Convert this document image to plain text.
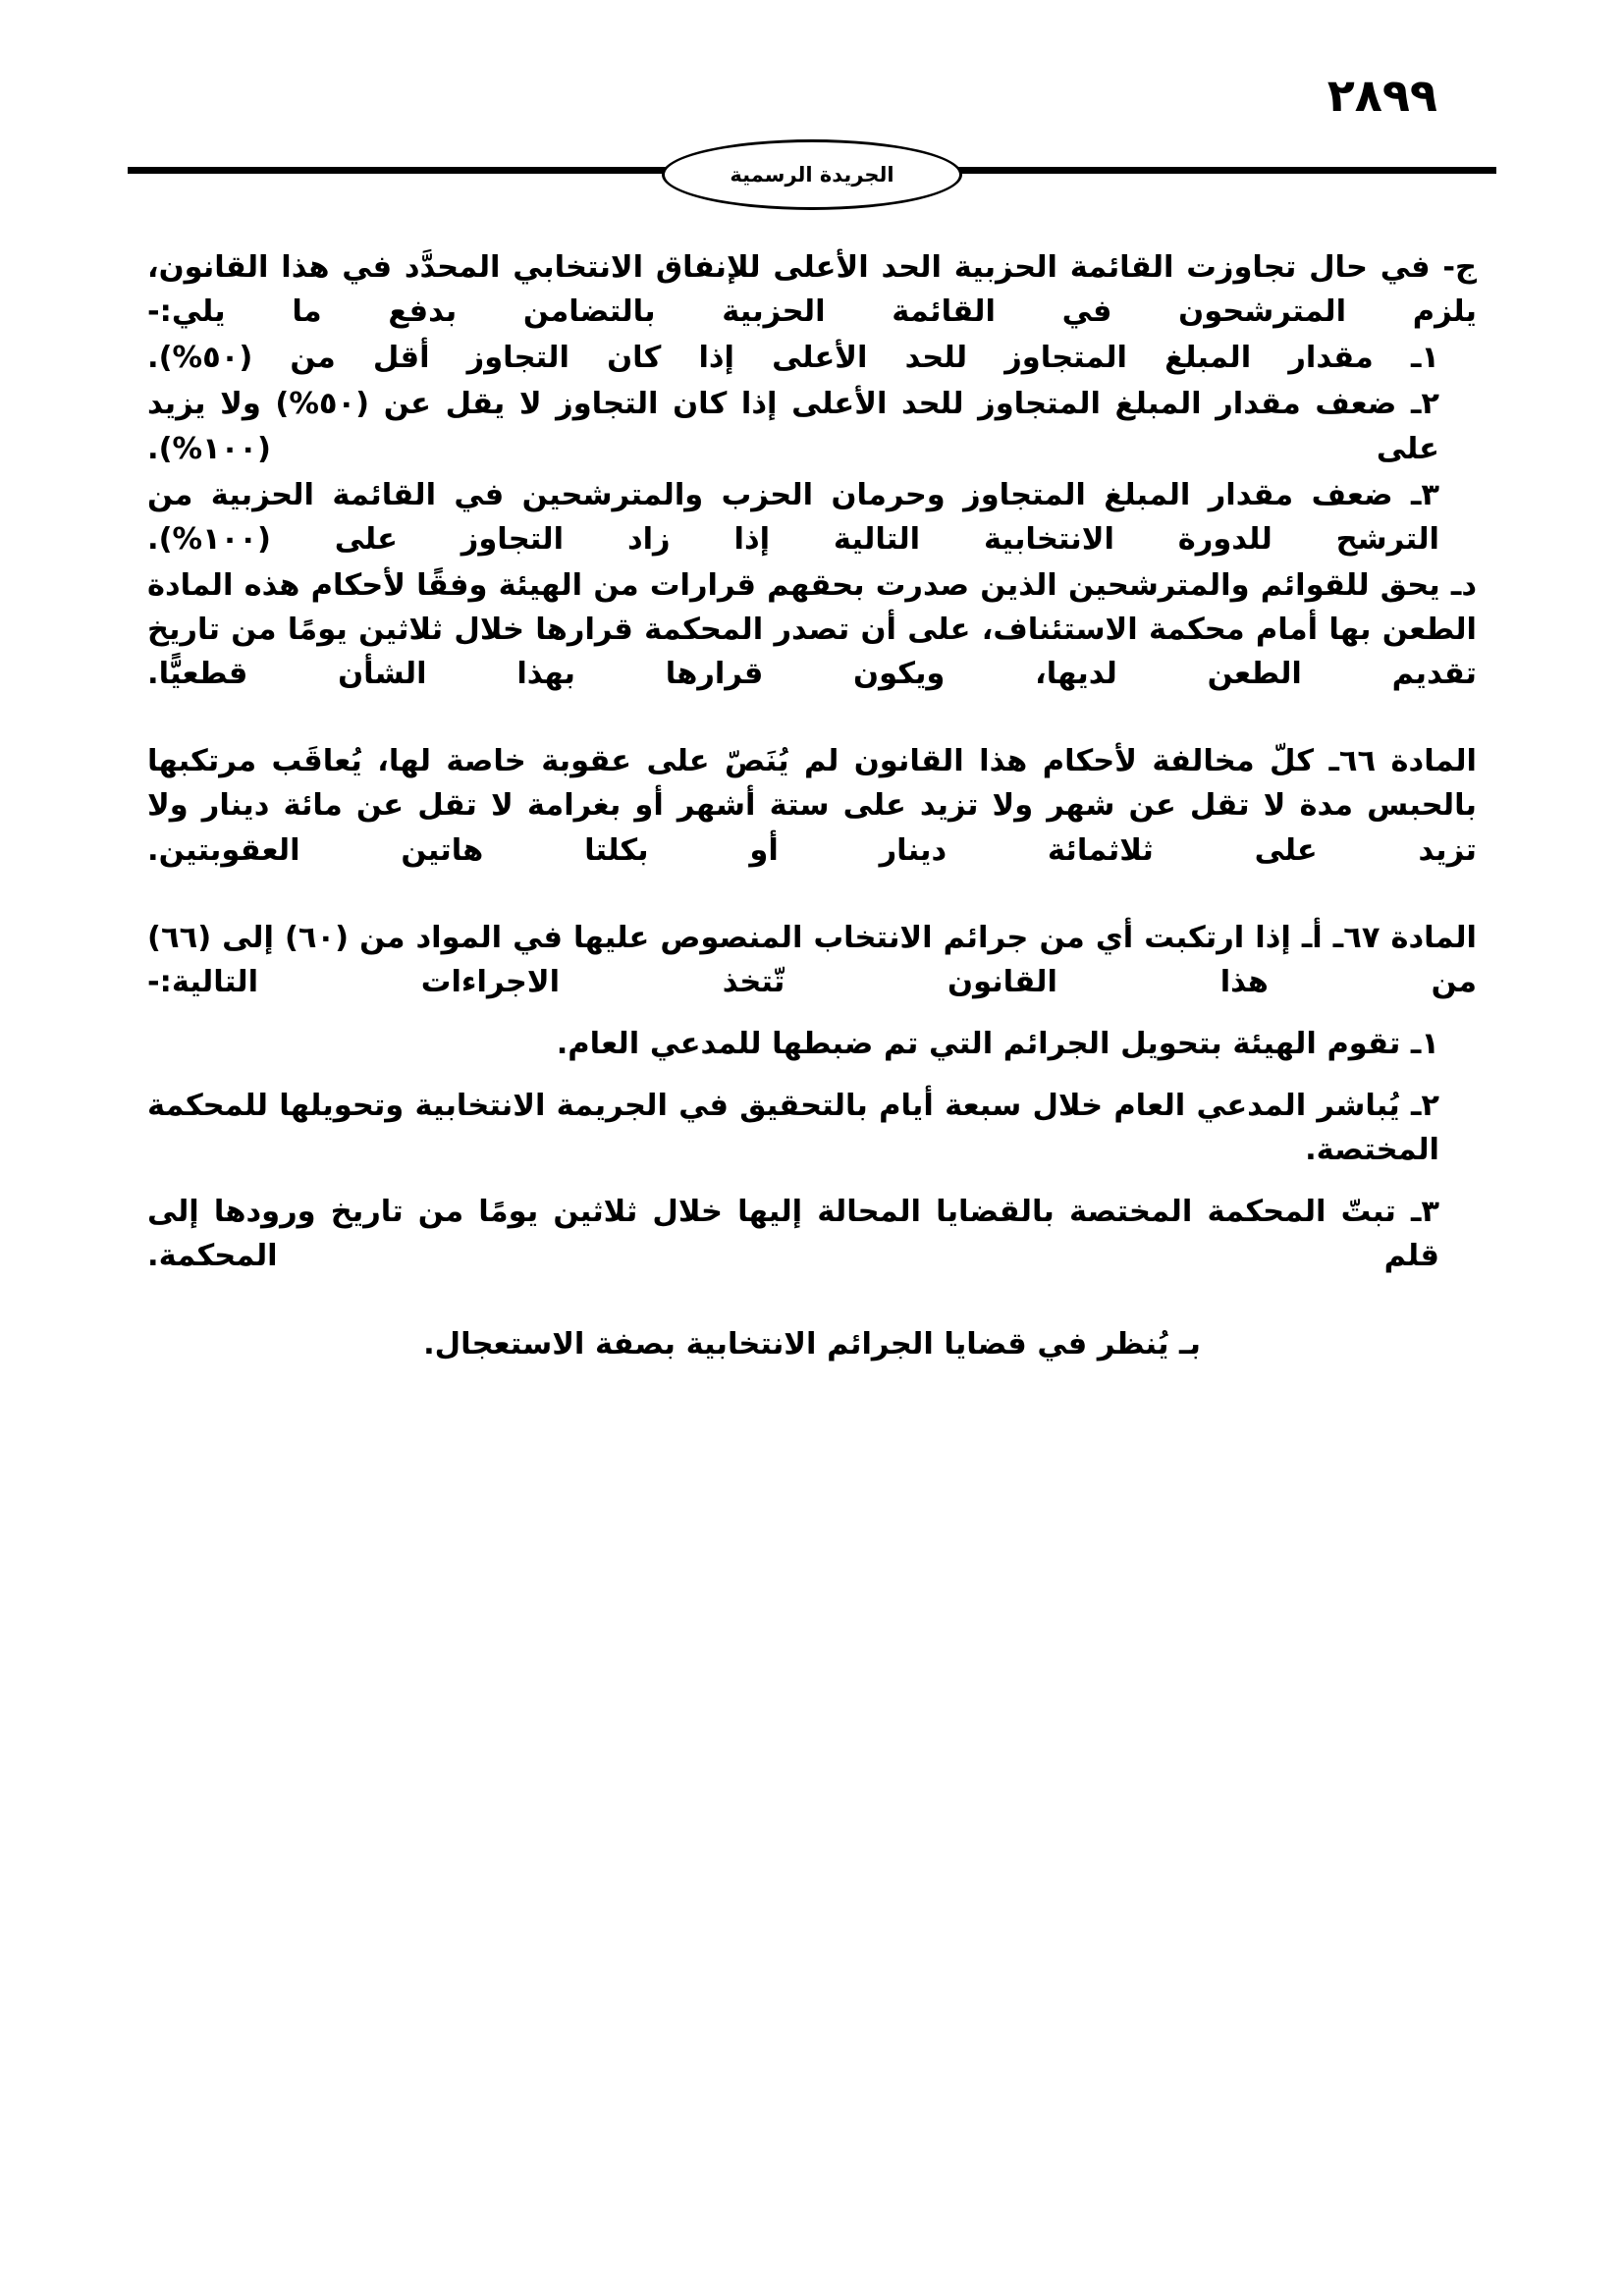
٢٨٩٩
الجريدة الرسمية

ج- في حال تجاوزت القائمة الحزبية الحد الأعلى للإنفاق الانتخابي المحدَّد في هذا القانون، يلزم المترشحون في القائمة الحزبية بالتضامن بدفع ما يلي:-

١ـ مقدار المبلغ المتجاوز للحد الأعلى إذا كان التجاوز أقل من (٥٠%).

٢ـ ضعف مقدار المبلغ المتجاوز للحد الأعلى إذا كان التجاوز لا يقل عن (٥٠%) ولا يزيد على (١٠٠%).

٣ـ ضعف مقدار المبلغ المتجاوز وحرمان الحزب والمترشحين في القائمة الحزبية من الترشح للدورة الانتخابية التالية إذا زاد التجاوز على (١٠٠%).

دـ يحق للقوائم والمترشحين الذين صدرت بحقهم قرارات من الهيئة وفقًا لأحكام هذه المادة الطعن بها أمام محكمة الاستئناف، على أن تصدر المحكمة قرارها خلال ثلاثين يومًا من تاريخ تقديم الطعن لديها، ويكون قرارها بهذا الشأن قطعيًّا.

المادة ٦٦ـ كلّ مخالفة لأحكام هذا القانون لم يُنَصّ على عقوبة خاصة لها، يُعاقَب مرتكبها بالحبس مدة لا تقل عن شهر ولا تزيد على ستة أشهر أو بغرامة لا تقل عن مائة دينار ولا تزيد على ثلاثمائة دينار أو بكلتا هاتين العقوبتين.

المادة ٦٧ـ أـ إذا ارتكبت أي من جرائم الانتخاب المنصوص عليها في المواد من (٦٠) إلى (٦٦) من هذا القانون تّتخذ الاجراءات التالية:-

١ـ تقوم الهيئة بتحويل الجرائم التي تم ضبطها للمدعي العام.

٢ـ يُباشر المدعي العام خلال سبعة أيام بالتحقيق في الجريمة الانتخابية وتحويلها للمحكمة المختصة.

٣ـ تبتّ المحكمة المختصة بالقضايا المحالة إليها خلال ثلاثين يومًا من تاريخ ورودها إلى قلم المحكمة.

بـ يُنظر في قضايا الجرائم الانتخابية بصفة الاستعجال.
